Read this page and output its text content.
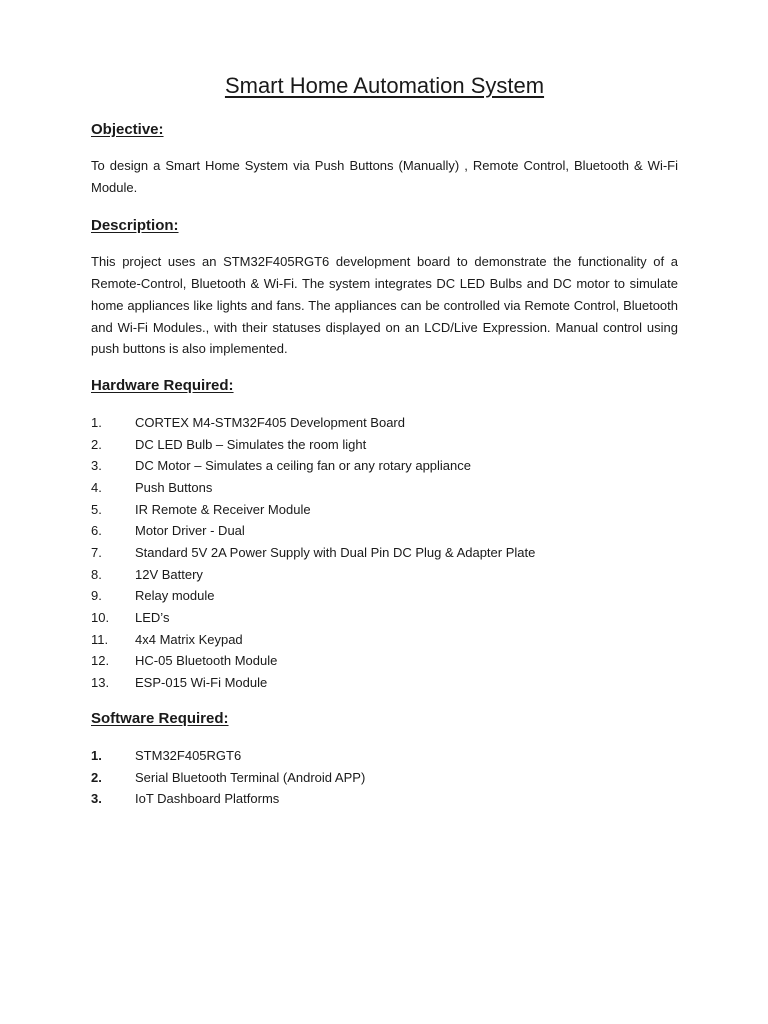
Smart Home Automation System
Objective:

To design a Smart Home System via Push Buttons (Manually) , Remote Control, Bluetooth & Wi-Fi Module.

Description:

This project uses an STM32F405RGT6 development board to demonstrate the functionality of a Remote-Control, Bluetooth & Wi-Fi. The system integrates DC LED Bulbs and DC motor to simulate home appliances like lights and fans. The appliances can be controlled via Remote Control, Bluetooth and Wi-Fi Modules., with their statuses displayed on an LCD/Live Expression. Manual control using push buttons is also implemented.

Hardware Required:
1.	CORTEX M4-STM32F405 Development Board
2.	DC LED Bulb – Simulates the room light
3.	DC Motor – Simulates a ceiling fan or any rotary appliance
4.	Push Buttons
5.	IR Remote & Receiver Module
6.	Motor Driver - Dual
7.	Standard 5V 2A Power Supply with Dual Pin DC Plug & Adapter Plate
8.	12V Battery
9.	Relay module
10.	LED’s
11.	4x4 Matrix Keypad
12.	HC-05 Bluetooth Module
13.	ESP-015 Wi-Fi Module
Software Required:
1.	STM32F405RGT6
2.	Serial Bluetooth Terminal (Android APP)
3.	IoT Dashboard Platforms
